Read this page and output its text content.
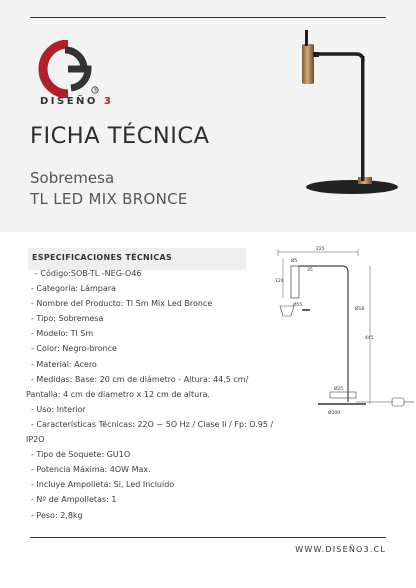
®
DISEÑO 3
FICHA TÉCNICA
Sobremesa
TL LED MIX BRONCE
ESPECIFICACIONES TÉCNICAS
- Código:SOB-TL -NEG-O46
- Categoría: Lámpara
- Nombre del Producto: Tl Sm Mix Led Bronce
- Tipo: Sobremesa
- Modelo: Tl Sm
- Color: Negro-bronce
- Material: Acero
- Medidas: Base: 20 cm de diámetro - Altura: 44,5 cm/
Pantalla: 4 cm de diametro x 12 cm de altura.
- Uso: Interior
- Características Técnicas: 22O ~ 5O Hz / Clase Ii / Fp: O.95 /
IP2O
- Tipo de Soquete: GU1O
- Potencia Máxima: 4OW Max.
- Incluye Ampolleta: Si, Led Incluido
- Nº de Ampolletas: 1
- Peso: 2,8kg
225
Ø5
35
Ø55
120
Ø18
445
Ø25
Ø200
WWW.DISEÑO3.CL
